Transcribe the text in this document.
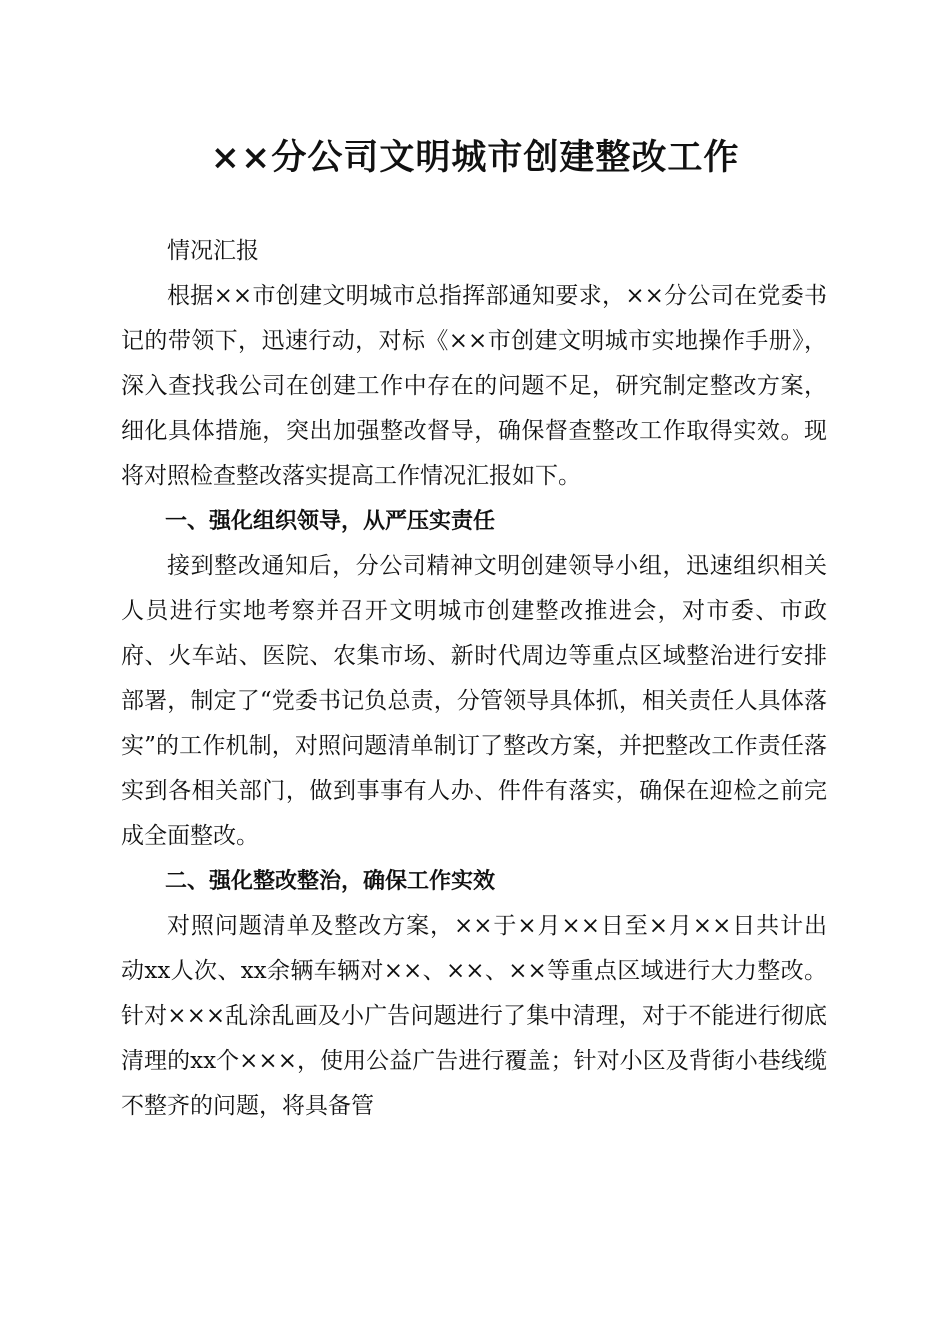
××分公司文明城市创建整改工作

情况汇报

根据××市创建文明城市总指挥部通知要求，××分公司在党委书记的带领下，迅速行动，对标《××市创建文明城市实地操作手册》，深入查找我公司在创建工作中存在的问题不足，研究制定整改方案，细化具体措施，突出加强整改督导，确保督查整改工作取得实效。现将对照检查整改落实提高工作情况汇报如下。

一、强化组织领导，从严压实责任

接到整改通知后，分公司精神文明创建领导小组，迅速组织相关人员进行实地考察并召开文明城市创建整改推进会，对市委、市政府、火车站、医院、农集市场、新时代周边等重点区域整治进行安排部署，制定了“党委书记负总责，分管领导具体抓，相关责任人具体落实”的工作机制，对照问题清单制订了整改方案，并把整改工作责任落实到各相关部门，做到事事有人办、件件有落实，确保在迎检之前完成全面整改。

二、强化整改整治，确保工作实效

对照问题清单及整改方案，××于×月××日至×月××日共计出动xx人次、xx余辆车辆对××、××、××等重点区域进行大力整改。针对×××乱涂乱画及小广告问题进行了集中清理，对于不能进行彻底清理的xx个×××，使用公益广告进行覆盖；针对小区及背街小巷线缆不整齐的问题，将具备管
